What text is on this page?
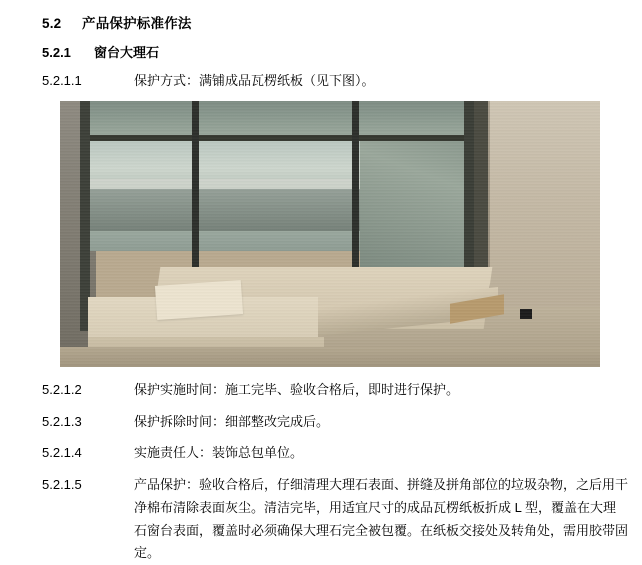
5.2	产品保护标准作法
5.2.1	窗台大理石
5.2.1.1	保护方式：满铺成品瓦楞纸板（见下图）。
5.2.1.2	保护实施时间：施工完毕、验收合格后，即时进行保护。
5.2.1.3	保护拆除时间：细部整改完成后。
5.2.1.4	实施责任人：装饰总包单位。
5.2.1.5	产品保护：验收合格后，仔细清理大理石表面、拼缝及拼角部位的垃圾杂物，之后用干净棉布清除表面灰尘。清洁完毕，用适宜尺寸的成品瓦楞纸板折成 L 型，覆盖在大理石窗台表面，覆盖时必须确保大理石完全被包覆。在纸板交接处及转角处，需用胶带固定。
